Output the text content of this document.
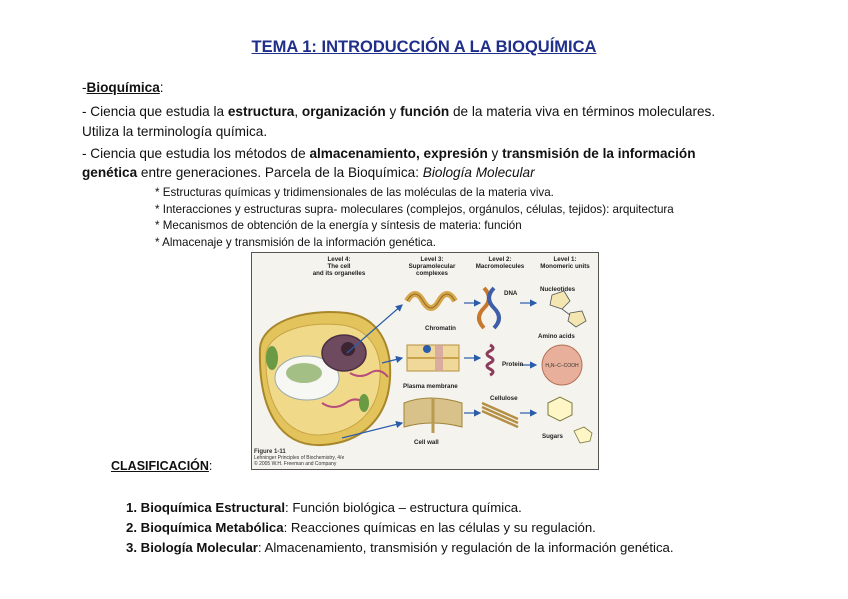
TEMA 1: INTRODUCCIÓN A LA BIOQUÍMICA
-Bioquímica:
- Ciencia que estudia la estructura, organización y función de la materia viva en términos moleculares.
Utiliza la terminología química.
- Ciencia que estudia los métodos de almacenamiento, expresión y transmisión de la información
genética entre generaciones. Parcela de la Bioquímica: Biología Molecular
* Estructuras químicas y tridimensionales de las moléculas de la materia viva.
* Interacciones y estructuras supra- moleculares (complejos, orgánulos, células, tejidos): arquitectura
* Mecanismos de obtención de la energía y síntesis de materia: función
* Almacenaje y transmisión de la información genética.
H₂N–C–COOH
Level 4:
The cell
and its organelles
Level 3:
Supramolecular
complexes
Level 2:
Macromolecules
Level 1:
Monomeric units
Chromatin
Plasma membrane
Cell wall
DNA
Protein
Cellulose
Nucleotides
Amino acids
Sugars
Figure 1-11
Lehninger Principles of Biochemistry, 4/e
© 2005 W.H. Freeman and Company
CLASIFICACIÓN:
1. Bioquímica Estructural: Función biológica – estructura química.
2. Bioquímica Metabólica: Reacciones químicas en las células y su regulación.
3. Biología Molecular: Almacenamiento, transmisión y regulación de la información genética.
